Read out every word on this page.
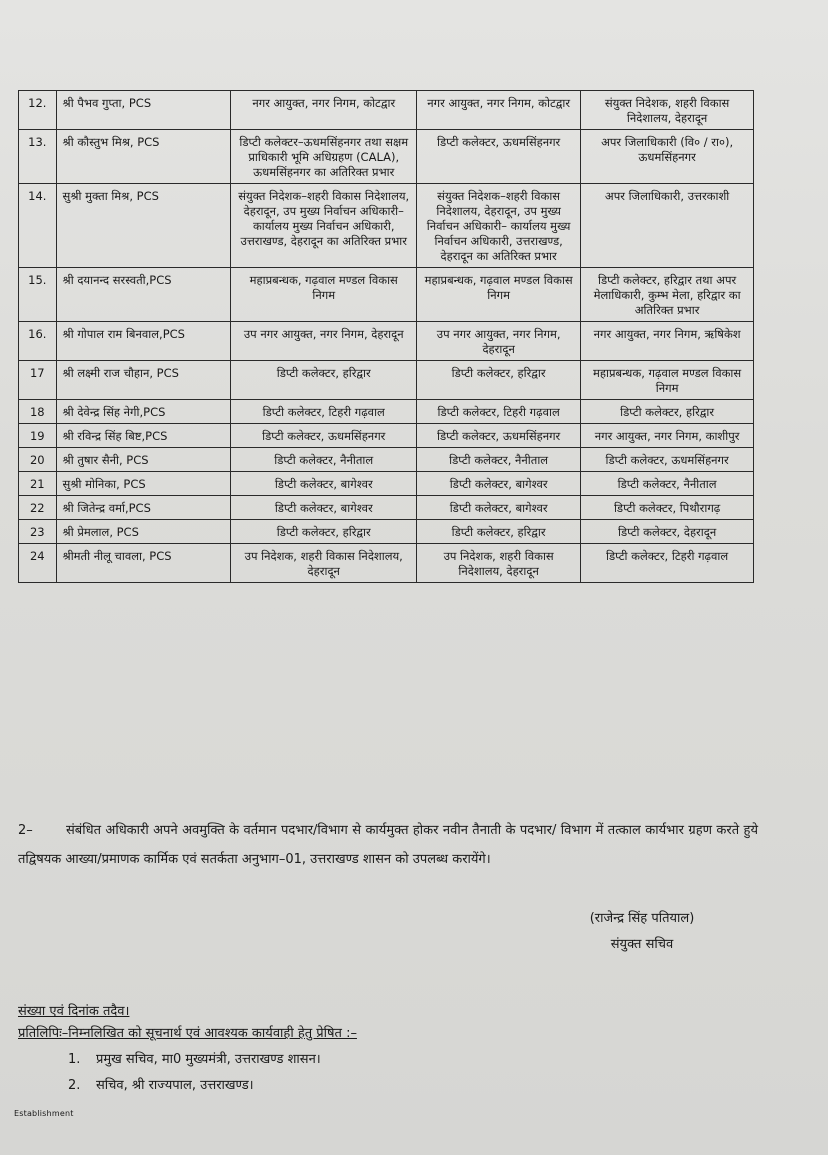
12.	श्री पैभव गुप्ता, PCS	नगर आयुक्त, नगर निगम, कोटद्वार	नगर आयुक्त, नगर निगम, कोटद्वार	संयुक्त निदेशक, शहरी विकास निदेशालय, देहरादून
13.	श्री कौस्तुभ मिश्र, PCS	डिप्टी कलेक्टर–ऊधमसिंहनगर तथा सक्षम प्राधिकारी भूमि अधिग्रहण (CALA), ऊधमसिंहनगर का अतिरिक्त प्रभार	डिप्टी कलेक्टर, ऊधमसिंहनगर	अपर जिलाधिकारी (वि० / रा०), ऊधमसिंहनगर
14.	सुश्री मुक्ता मिश्र, PCS	संयुक्त निदेशक–शहरी विकास निदेशालय, देहरादून, उप मुख्य निर्वाचन अधिकारी–कार्यालय मुख्य निर्वाचन अधिकारी, उत्तराखण्ड, देहरादून का अतिरिक्त प्रभार	संयुक्त निदेशक–शहरी विकास निदेशालय, देहरादून, उप मुख्य निर्वाचन अधिकारी– कार्यालय मुख्य निर्वाचन अधिकारी, उत्तराखण्ड, देहरादून का अतिरिक्त प्रभार	अपर जिलाधिकारी, उत्तरकाशी
15.	श्री दयानन्द सरस्वती,PCS	महाप्रबन्धक, गढ़वाल मण्डल विकास निगम	महाप्रबन्धक, गढ़वाल मण्डल विकास निगम	डिप्टी कलेक्टर, हरिद्वार तथा अपर मेलाधिकारी, कुम्भ मेला, हरिद्वार का अतिरिक्त प्रभार
16.	श्री गोपाल राम बिनवाल,PCS	उप नगर आयुक्त, नगर निगम, देहरादून	उप नगर आयुक्त, नगर निगम, देहरादून	नगर आयुक्त, नगर निगम, ऋषिकेश
17	श्री लक्ष्मी राज चौहान, PCS	डिप्टी कलेक्टर, हरिद्वार	डिप्टी कलेक्टर, हरिद्वार	महाप्रबन्धक, गढ़वाल मण्डल विकास निगम
18	श्री देवेन्द्र सिंह नेगी,PCS	डिप्टी कलेक्टर, टिहरी गढ़वाल	डिप्टी कलेक्टर, टिहरी गढ़वाल	डिप्टी कलेक्टर, हरिद्वार
19	श्री रविन्द्र सिंह बिष्ट,PCS	डिप्टी कलेक्टर, ऊधमसिंहनगर	डिप्टी कलेक्टर, ऊधमसिंहनगर	नगर आयुक्त, नगर निगम, काशीपुर
20	श्री तुषार सैनी, PCS	डिप्टी कलेक्टर, नैनीताल	डिप्टी कलेक्टर, नैनीताल	डिप्टी कलेक्टर, ऊधमसिंहनगर
21	सुश्री मोनिका, PCS	डिप्टी कलेक्टर, बागेश्वर	डिप्टी कलेक्टर, बागेश्वर	डिप्टी कलेक्टर, नैनीताल
22	श्री जितेन्द्र वर्मा,PCS	डिप्टी कलेक्टर, बागेश्वर	डिप्टी कलेक्टर, बागेश्वर	डिप्टी कलेक्टर, पिथौरागढ़
23	श्री प्रेमलाल, PCS	डिप्टी कलेक्टर, हरिद्वार	डिप्टी कलेक्टर, हरिद्वार	डिप्टी कलेक्टर, देहरादून
24	श्रीमती नीलू चावला, PCS	उप निदेशक, शहरी विकास निदेशालय, देहरादून	उप निदेशक, शहरी विकास निदेशालय, देहरादून	डिप्टी कलेक्टर, टिहरी गढ़वाल
2–	संबंधित अधिकारी अपने अवमुक्ति के वर्तमान पदभार/विभाग से कार्यमुक्त होकर नवीन तैनाती के पदभार/ विभाग में तत्काल कार्यभार ग्रहण करते हुये तद्विषयक आख्या/प्रमाणक कार्मिक एवं सतर्कता अनुभाग–01, उत्तराखण्ड शासन को उपलब्ध करायेंगे।
(राजेन्द्र सिंह पतियाल)
संयुक्त सचिव
संख्या एवं दिनांक तदैव।
प्रतिलिपिः–निम्नलिखित को सूचनार्थ एवं आवश्यक कार्यवाही हेतु प्रेषित :–
1. प्रमुख सचिव, मा0 मुख्यमंत्री, उत्तराखण्ड शासन।
2. सचिव, श्री राज्यपाल, उत्तराखण्ड।
Establishment
